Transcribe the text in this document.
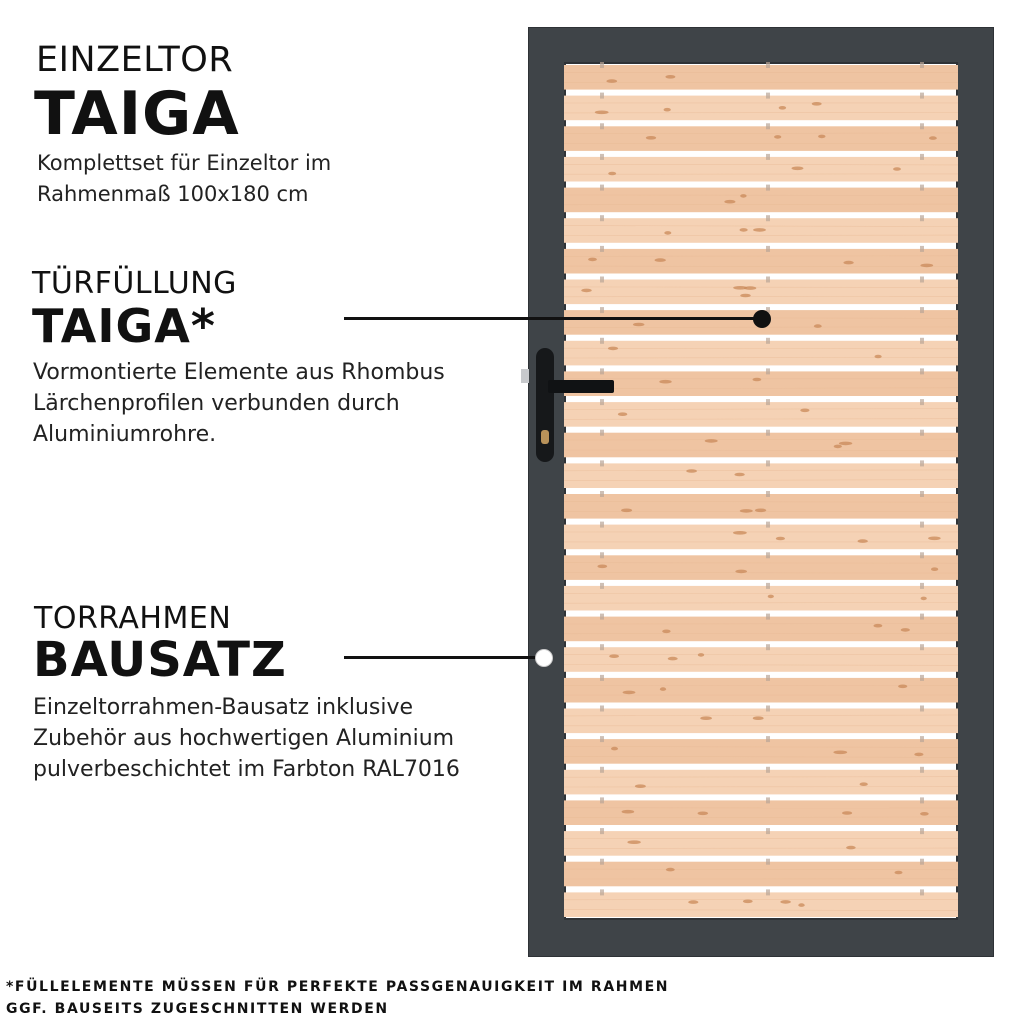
EINZELTOR
TAIGA
Komplettset für Einzeltor im
Rahmenmaß 100x180 cm
TÜRFÜLLUNG
TAIGA*
Vormontierte Elemente aus Rhombus
Lärchenprofilen verbunden durch
Aluminiumrohre.
TORRAHMEN
BAUSATZ
Einzeltorrahmen-Bausatz inklusive
Zubehör aus hochwertigen Aluminium
pulverbeschichtet im Farbton RAL7016
*FÜLLELEMENTE MÜSSEN FÜR PERFEKTE PASSGENAUIGKEIT IM RAHMEN
GGF. BAUSEITS ZUGESCHNITTEN WERDEN
